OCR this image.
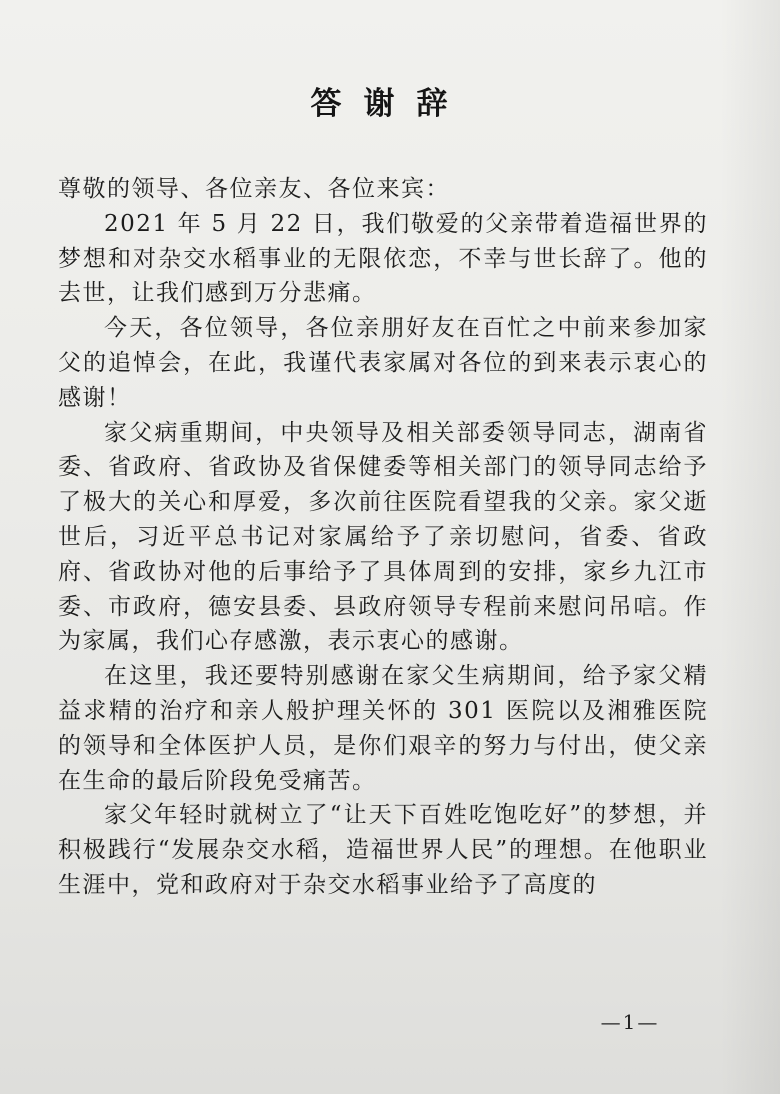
答谢辞

尊敬的领导、各位亲友、各位来宾：

2021 年 5 月 22 日，我们敬爱的父亲带着造福世界的梦想和对杂交水稻事业的无限依恋，不幸与世长辞了。他的去世，让我们感到万分悲痛。

今天，各位领导，各位亲朋好友在百忙之中前来参加家父的追悼会，在此，我谨代表家属对各位的到来表示衷心的感谢！

家父病重期间，中央领导及相关部委领导同志，湖南省委、省政府、省政协及省保健委等相关部门的领导同志给予了极大的关心和厚爱，多次前往医院看望我的父亲。家父逝世后，习近平总书记对家属给予了亲切慰问，省委、省政府、省政协对他的后事给予了具体周到的安排，家乡九江市委、市政府，德安县委、县政府领导专程前来慰问吊唁。作为家属，我们心存感激，表示衷心的感谢。

在这里，我还要特别感谢在家父生病期间，给予家父精益求精的治疗和亲人般护理关怀的 301 医院以及湘雅医院的领导和全体医护人员，是你们艰辛的努力与付出，使父亲在生命的最后阶段免受痛苦。

家父年轻时就树立了“让天下百姓吃饱吃好”的梦想，并积极践行“发展杂交水稻，造福世界人民”的理想。在他职业生涯中，党和政府对于杂交水稻事业给予了高度的

—1—
